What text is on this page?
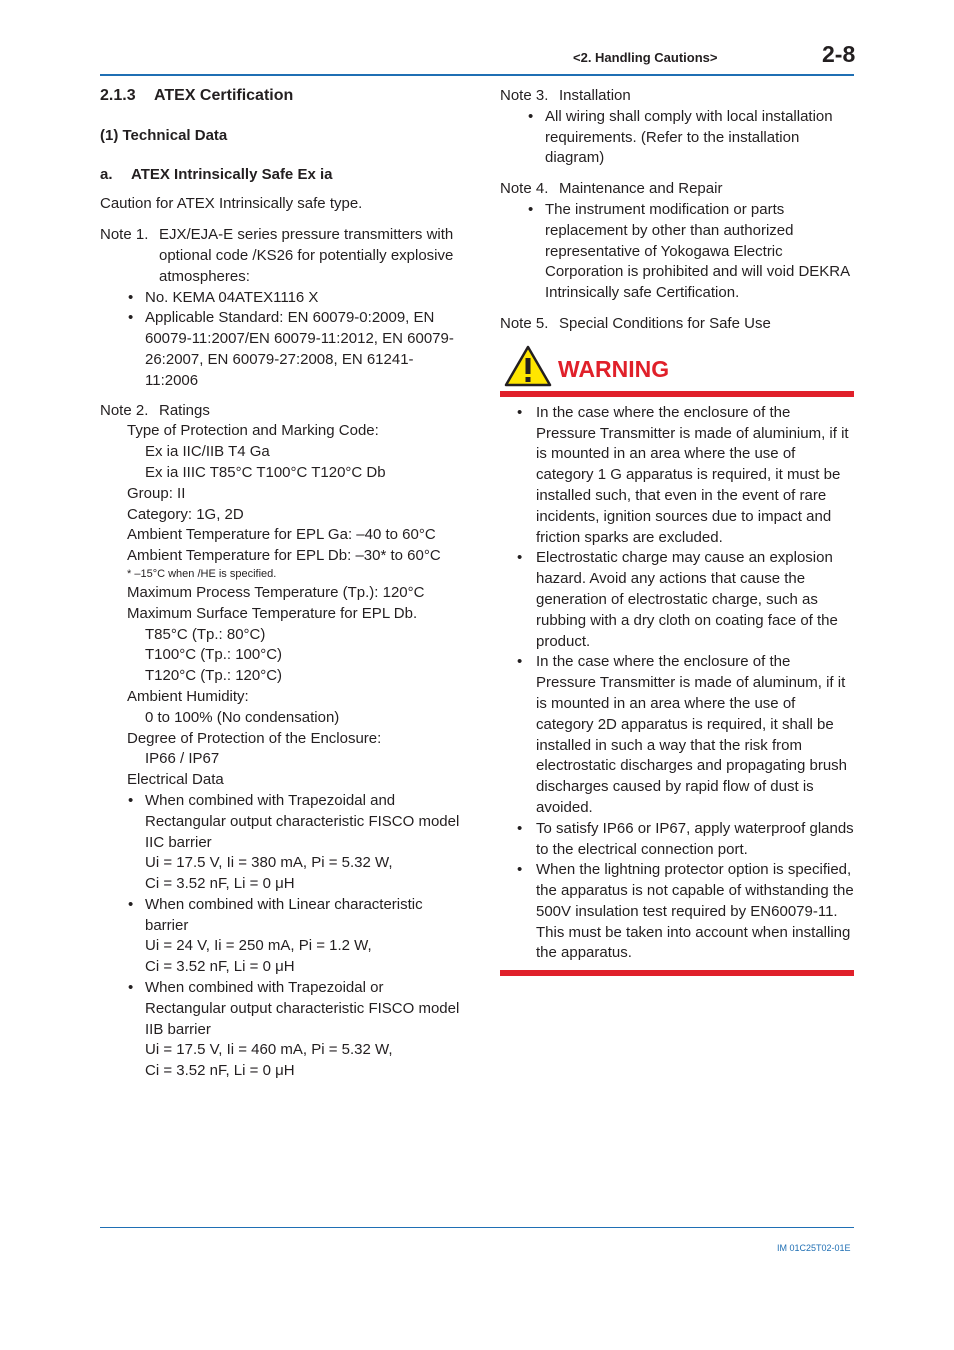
<2. Handling Cautions>	2-8
2.1.3 ATEX Certification
(1) Technical Data
a. ATEX Intrinsically Safe Ex ia

Caution for ATEX Intrinsically safe type.

Note 1. EJX/EJA-E series pressure transmitters with optional code /KS26 for potentially explosive atmospheres:
• No. KEMA 04ATEX1116 X
• Applicable Standard: EN 60079-0:2009, EN 60079-11:2007/EN 60079-11:2012, EN 60079-26:2007, EN 60079-27:2008, EN 61241-11:2006
Note 2. Ratings

Type of Protection and Marking Code:

Ex ia IIC/IIB T4 Ga

Ex ia IIIC T85°C T100°C T120°C Db

Group: II

Category: 1G, 2D

Ambient Temperature for EPL Ga: –40 to 60°C

Ambient Temperature for EPL Db: –30* to 60°C

* –15°C when /HE is specified.

Maximum Process Temperature (Tp.): 120°C

Maximum Surface Temperature for EPL Db.

T85°C (Tp.: 80°C)

T100°C (Tp.: 100°C)

T120°C (Tp.: 120°C)

Ambient Humidity:

0 to 100% (No condensation)

Degree of Protection of the Enclosure:

IP66 / IP67

Electrical Data

• When combined with Trapezoidal and Rectangular output characteristic FISCO model IIC barrier
Ui = 17.5 V, Ii = 380 mA, Pi = 5.32 W,
Ci = 3.52 nF, Li = 0 μH
• When combined with Linear characteristic barrier
Ui = 24 V, Ii = 250 mA, Pi = 1.2 W,
Ci = 3.52 nF, Li = 0 μH
• When combined with Trapezoidal or Rectangular output characteristic FISCO model IIB barrier
Ui = 17.5 V, Ii = 460 mA, Pi = 5.32 W,
Ci = 3.52 nF, Li = 0 μH
Note 3. Installation
• All wiring shall comply with local installation requirements. (Refer to the installation diagram)
Note 4. Maintenance and Repair
• The instrument modification or parts replacement by other than authorized representative of Yokogawa Electric Corporation is prohibited and will void DEKRA Intrinsically safe Certification.
Note 5. Special Conditions for Safe Use
WARNING
• In the case where the enclosure of the Pressure Transmitter is made of aluminium, if it is mounted in an area where the use of category 1 G apparatus is required, it must be installed such, that even in the event of rare incidents, ignition sources due to impact and friction sparks are excluded.
• Electrostatic charge may cause an explosion hazard. Avoid any actions that cause the generation of electrostatic charge, such as rubbing with a dry cloth on coating face of the product.
• In the case where the enclosure of the Pressure Transmitter is made of aluminum, if it is mounted in an area where the use of category 2D apparatus is required, it shall be installed in such a way that the risk from electrostatic discharges and propagating brush discharges caused by rapid flow of dust is avoided.
• To satisfy IP66 or IP67, apply waterproof glands to the electrical connection port.
• When the lightning protector option is specified, the apparatus is not capable of withstanding the 500V insulation test required by EN60079-11.
This must be taken into account when installing the apparatus.
IM 01C25T02-01E
